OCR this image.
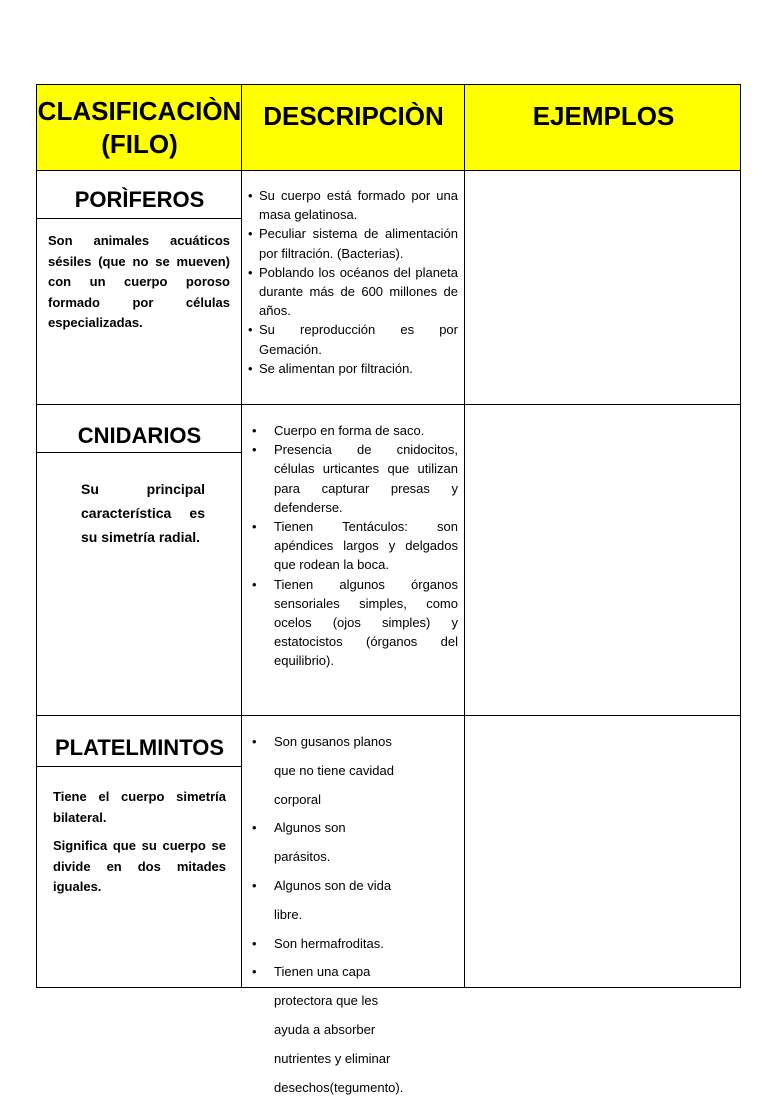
CLASIFICACIÒN (FILO)
DESCRIPCIÒN	EJEMPLOS
PORÌFEROS

Son animales acuáticos sésiles (que no se mueven) con un cuerpo poroso formado por células especializadas.

• Su cuerpo está formado por una masa gelatinosa.
• Peculiar sistema de alimentación por filtración. (Bacterias).
• Poblando los océanos del planeta durante más de 600 millones de años.
• Su reproducción es por Gemación.
• Se alimentan por filtración.
CNIDARIOS

Su principal característica es su simetría radial.

• Cuerpo en forma de saco.
• Presencia de cnidocitos, células urticantes que utilizan para capturar presas y defenderse.
• Tienen Tentáculos: son apéndices largos y delgados que rodean la boca.
• Tienen algunos órganos sensoriales simples, como ocelos (ojos simples) y estatocistos (órganos del equilibrio).
PLATELMINTOS

Tiene el cuerpo simetría bilateral.

Significa que su cuerpo se divide en dos mitades iguales.

• Son gusanos planos que no tiene cavidad corporal
• Algunos son parásitos.
• Algunos son de vida libre.
• Son hermafroditas.
• Tienen una capa protectora que les ayuda a absorber nutrientes y eliminar desechos(tegumento).
